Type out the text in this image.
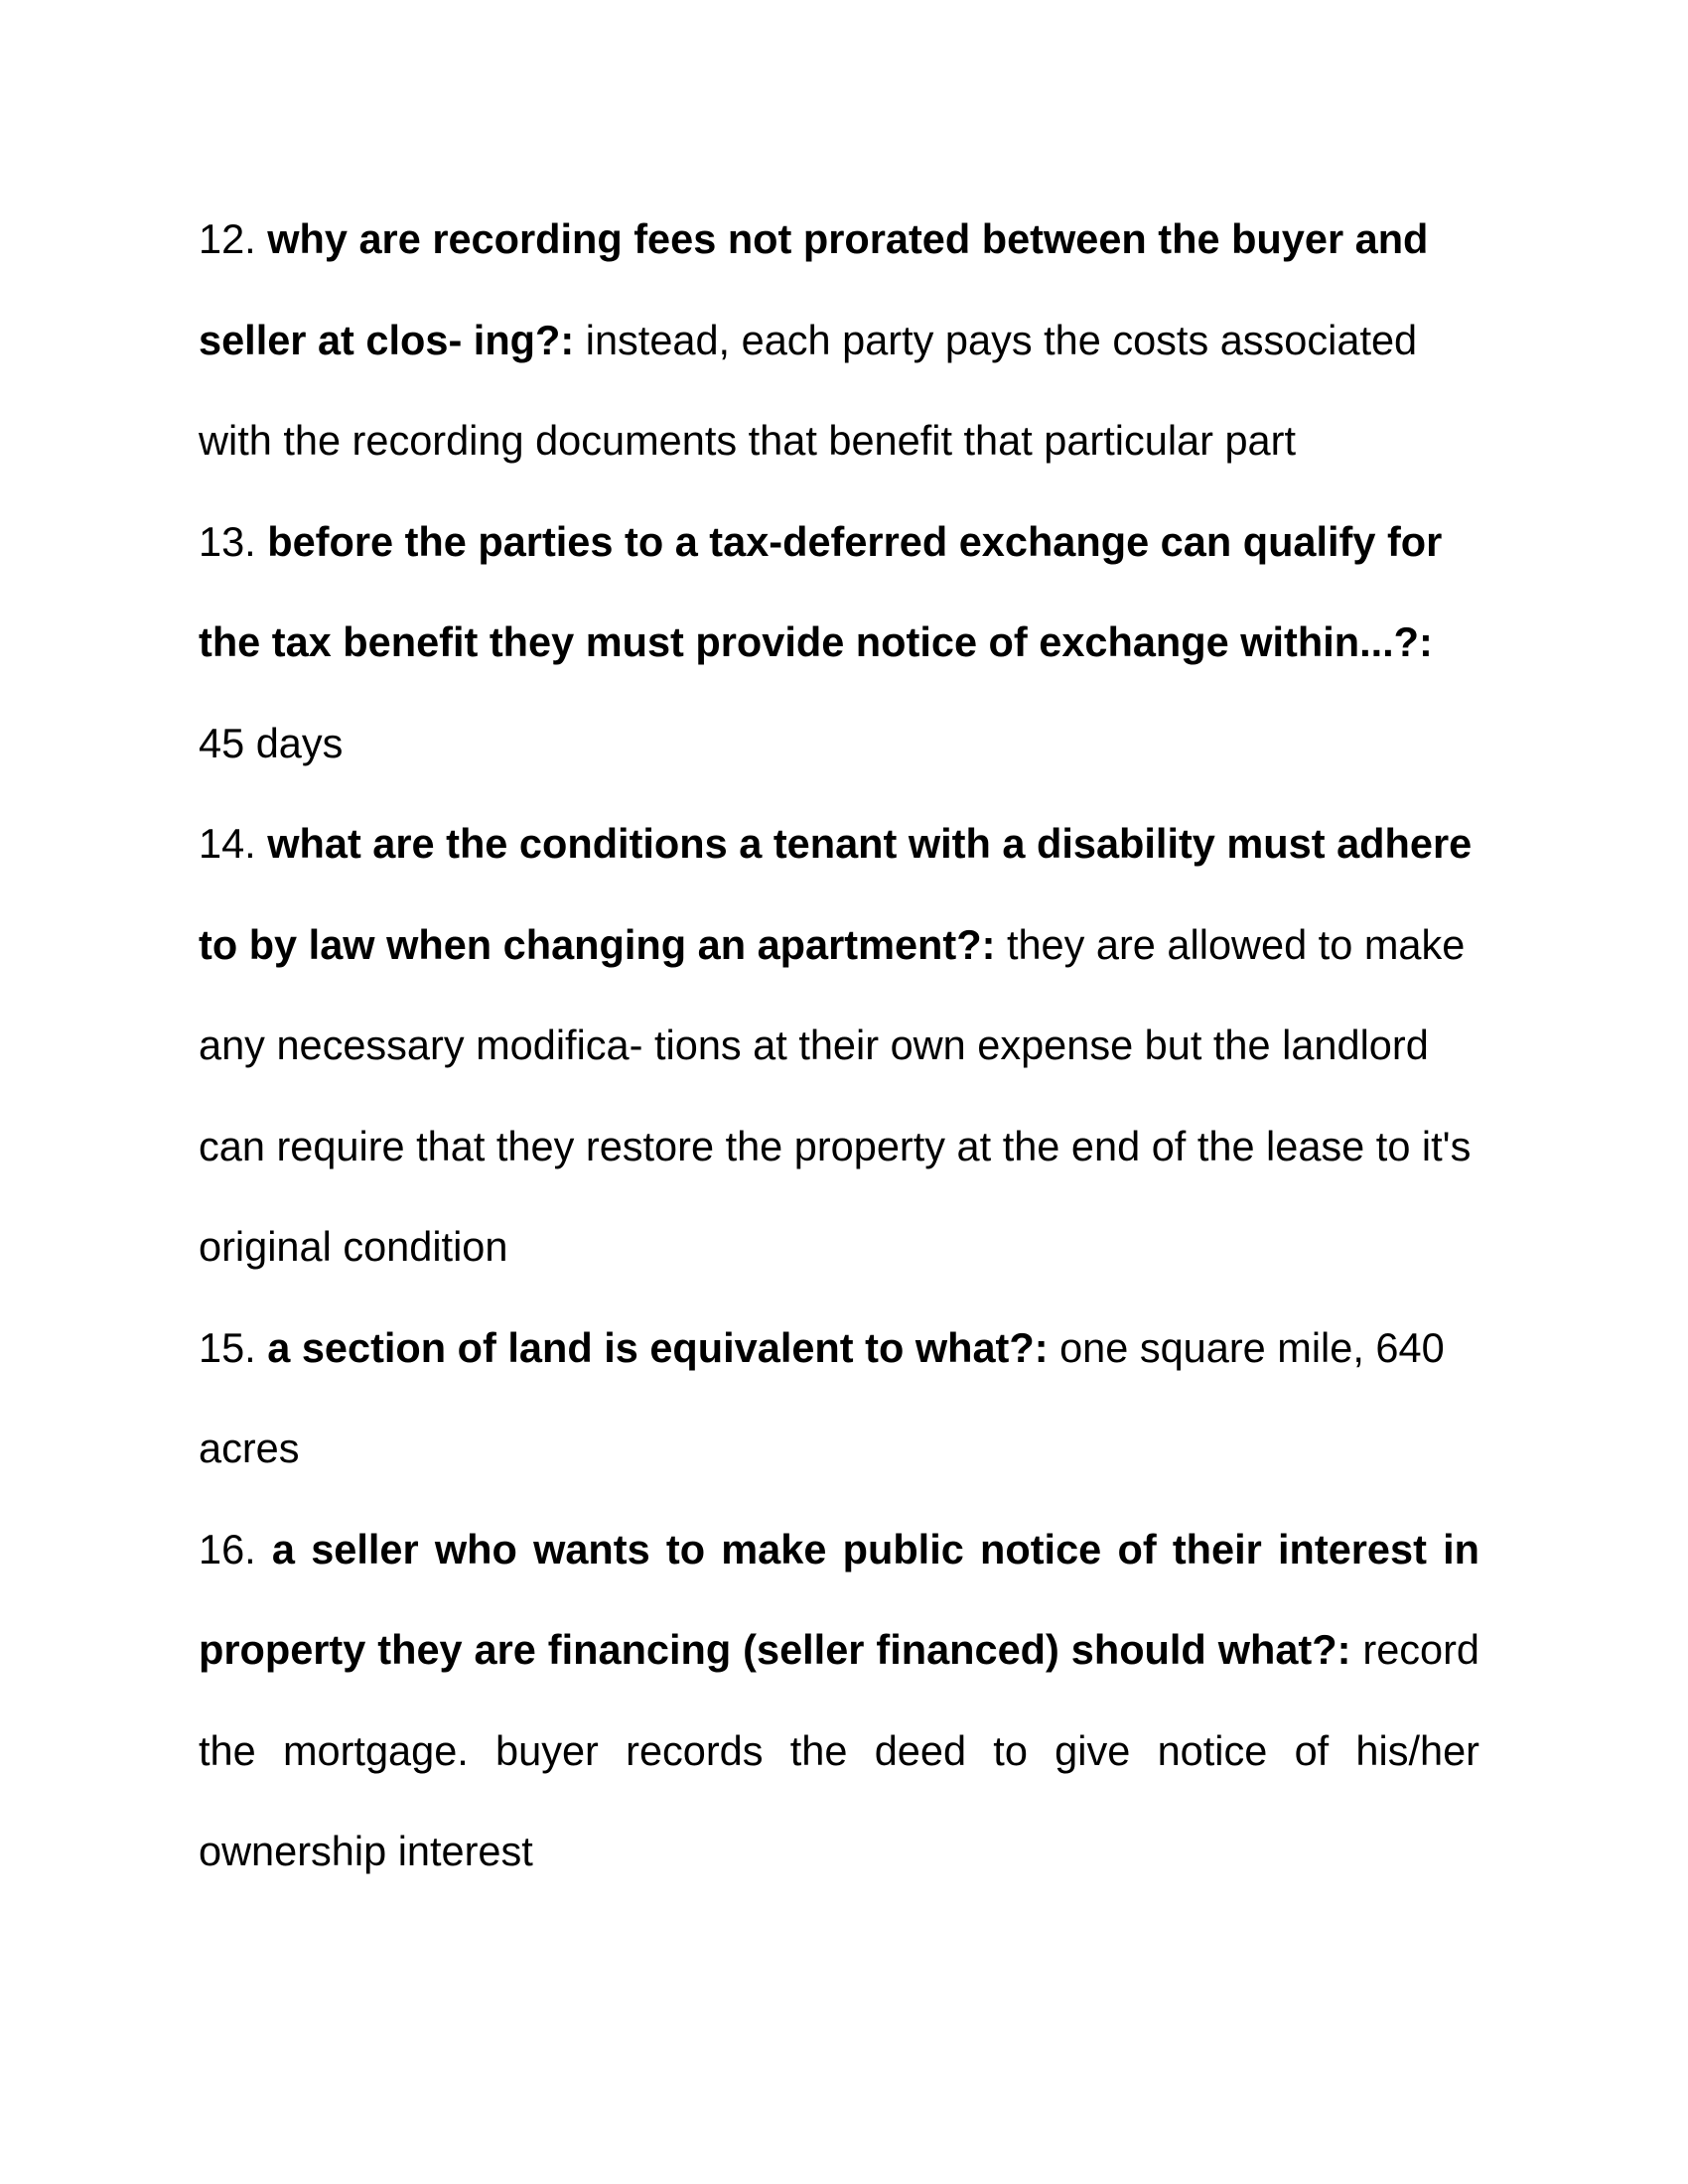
12. why are recording fees not prorated between the buyer and seller at clos- ing?: instead, each party pays the costs associated with the recording documents that benefit that particular part

13. before the parties to a tax-deferred exchange can qualify for the tax benefit they must provide notice of exchange within...?: 45 days

14. what are the conditions a tenant with a disability must adhere to by law when changing an apartment?: they are allowed to make any necessary modifica- tions at their own expense but the landlord can require that they restore the property at the end of the lease to it's original condition

15. a section of land is equivalent to what?: one square mile, 640 acres

16. a seller who wants to make public notice of their interest in property they are financing (seller financed) should what?: record the mortgage. buyer records the deed to give notice of his/her ownership interest
